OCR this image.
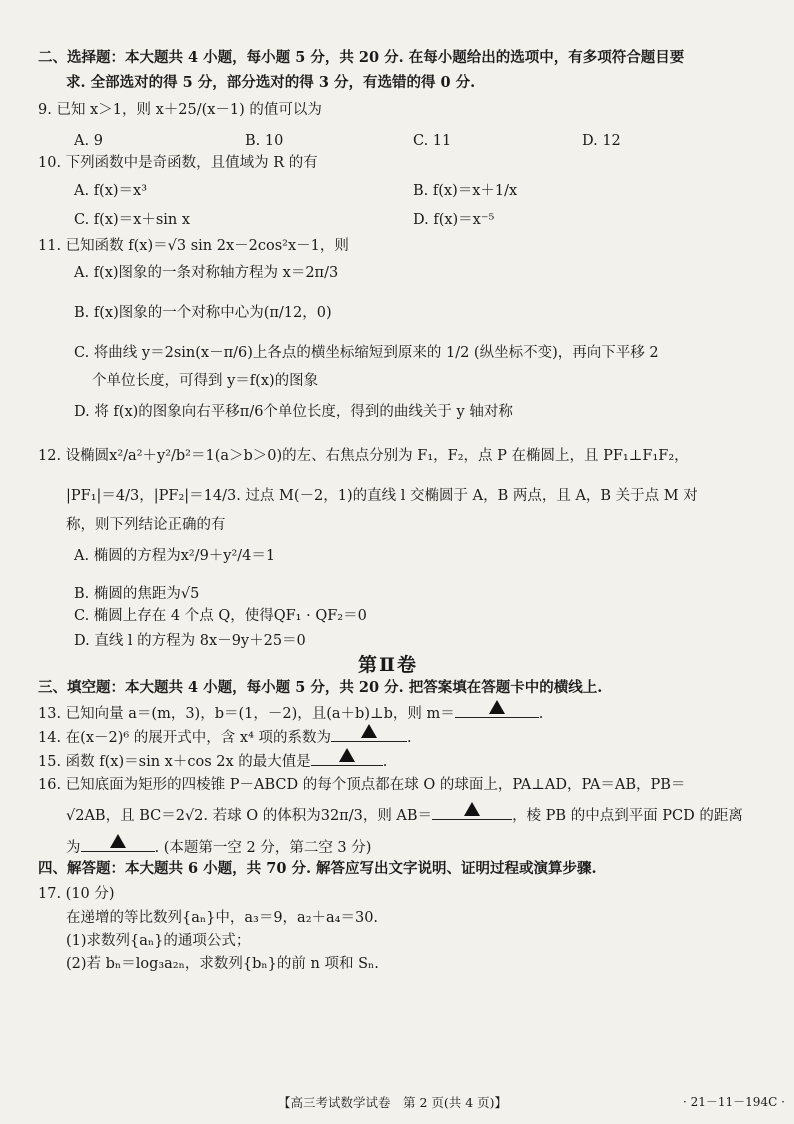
二、选择题：本大题共 4 小题，每小题 5 分，共 20 分. 在每小题给出的选项中，有多项符合题目要
求. 全部选对的得 5 分，部分选对的得 3 分，有选错的得 0 分.
9. 已知 x＞1，则 x＋25/(x－1) 的值可以为
A. 9	B. 10	C. 11	D. 12
10. 下列函数中是奇函数，且值域为 R 的有
A. f(x)＝x³	B. f(x)＝x＋1/x
C. f(x)＝x＋sin x	D. f(x)＝x⁻⁵
11. 已知函数 f(x)＝√3 sin 2x－2cos²x－1，则
A. f(x)图象的一条对称轴方程为 x＝2π/3
B. f(x)图象的一个对称中心为(π/12，0)
C. 将曲线 y＝2sin(x－π/6)上各点的横坐标缩短到原来的 1/2 (纵坐标不变)，再向下平移 2
个单位长度，可得到 y＝f(x)的图象
D. 将 f(x)的图象向右平移π/6个单位长度，得到的曲线关于 y 轴对称
12. 设椭圆x²/a²＋y²/b²＝1(a＞b＞0)的左、右焦点分别为 F₁，F₂，点 P 在椭圆上，且 PF₁⊥F₁F₂，
|PF₁|＝4/3，|PF₂|＝14/3. 过点 M(－2，1)的直线 l 交椭圆于 A，B 两点，且 A，B 关于点 M 对
称，则下列结论正确的有
A. 椭圆的方程为x²/9＋y²/4＝1
B. 椭圆的焦距为√5
C. 椭圆上存在 4 个点 Q，使得QF₁ · QF₂＝0
D. 直线 l 的方程为 8x－9y＋25＝0
第Ⅱ卷
三、填空题：本大题共 4 小题，每小题 5 分，共 20 分. 把答案填在答题卡中的横线上.
13. 已知向量 a＝(m，3)，b＝(1，－2)，且(a＋b)⊥b，则 m＝	.
14. 在(x－2)⁶ 的展开式中，含 x⁴ 项的系数为	.
15. 函数 f(x)＝sin x＋cos 2x 的最大值是	.
16. 已知底面为矩形的四棱锥 P－ABCD 的每个顶点都在球 O 的球面上，PA⊥AD，PA＝AB，PB＝
√2AB，且 BC＝2√2. 若球 O 的体积为32π/3，则 AB＝	，棱 PB 的中点到平面 PCD 的距离
为	. (本题第一空 2 分，第二空 3 分)
四、解答题：本大题共 6 小题，共 70 分. 解答应写出文字说明、证明过程或演算步骤.
17. (10 分)
在递增的等比数列{aₙ}中，a₃＝9，a₂＋a₄＝30.
(1)求数列{aₙ}的通项公式；
(2)若 bₙ＝log₃a₂ₙ，求数列{bₙ}的前 n 项和 Sₙ.
【高三考试数学试卷　第 2 页(共 4 页)】	· 21－11－194C ·
